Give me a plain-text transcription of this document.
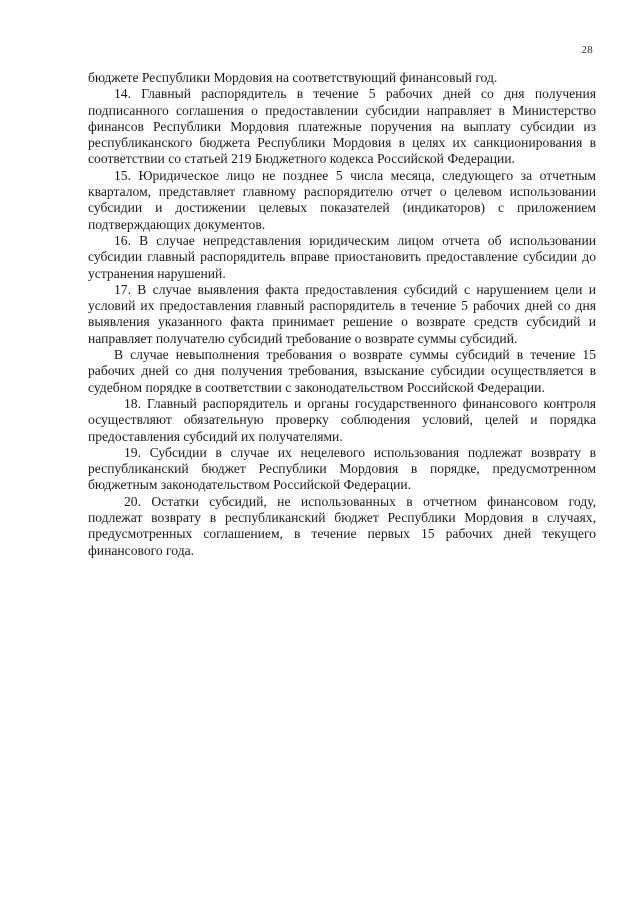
28

бюджете Республики Мордовия на соответствующий финансовый год.

14. Главный распорядитель в течение 5 рабочих дней со дня получения подписанного соглашения о предоставлении субсидии направляет в Министерство финансов Республики Мордовия платежные поручения на выплату субсидии из республиканского бюджета Республики Мордовия в целях их санкционирования в соответствии со статьей 219 Бюджетного кодекса Российской Федерации.

15. Юридическое лицо не позднее 5 числа месяца, следующего за отчетным кварталом, представляет главному распорядителю отчет о целевом использовании субсидии и достижении целевых показателей (индикаторов) с приложением подтверждающих документов.

16. В случае непредставления юридическим лицом отчета об использовании субсидии главный распорядитель вправе приостановить предоставление субсидии до устранения нарушений.

17. В случае выявления факта предоставления субсидий с нарушением цели и условий их предоставления главный распорядитель в течение 5 рабочих дней со дня выявления указанного факта принимает решение о возврате средств субсидий и направляет получателю субсидий требование о возврате суммы субсидий.

В случае невыполнения требования о возврате суммы субсидий в течение 15 рабочих дней со дня получения требования, взыскание субсидии осуществляется в судебном порядке в соответствии с законодательством Российской Федерации.

18. Главный распорядитель и органы государственного финансового контроля осуществляют обязательную проверку соблюдения условий, целей и порядка предоставления субсидий их получателями.

19. Субсидии в случае их нецелевого использования подлежат возврату в республиканский бюджет Республики Мордовия в порядке, предусмотренном бюджетным законодательством Российской Федерации.

20. Остатки субсидий, не использованных в отчетном финансовом году, подлежат возврату в республиканский бюджет Республики Мордовия в случаях, предусмотренных соглашением, в течение первых 15 рабочих дней текущего финансового года.
